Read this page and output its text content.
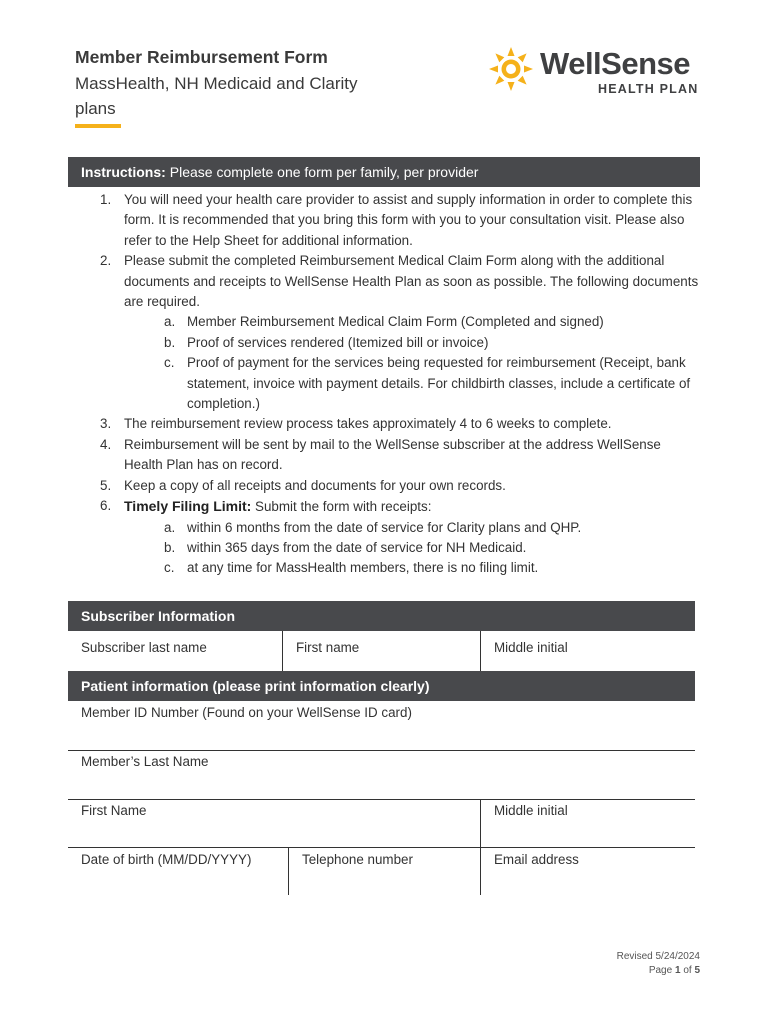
Member Reimbursement Form
MassHealth, NH Medicaid and Clarity plans
WellSense
HEALTH PLAN
Instructions: Please complete one form per family, per provider
1. You will need your health care provider to assist and supply information in order to complete this form. It is recommended that you bring this form with you to your consultation visit. Please also refer to the Help Sheet for additional information.
2. Please submit the completed Reimbursement Medical Claim Form along with the additional documents and receipts to WellSense Health Plan as soon as possible. The following documents are required.
a. Member Reimbursement Medical Claim Form (Completed and signed)
b. Proof of services rendered (Itemized bill or invoice)
c. Proof of payment for the services being requested for reimbursement (Receipt, bank statement, invoice with payment details. For childbirth classes, include a certificate of completion.)
3. The reimbursement review process takes approximately 4 to 6 weeks to complete.
4. Reimbursement will be sent by mail to the WellSense subscriber at the address WellSense Health Plan has on record.
5. Keep a copy of all receipts and documents for your own records.
6. Timely Filing Limit: Submit the form with receipts:
a. within 6 months from the date of service for Clarity plans and QHP.
b. within 365 days from the date of service for NH Medicaid.
c. at any time for MassHealth members, there is no filing limit.
Subscriber Information
Subscriber last name	First name	Middle initial
Patient information (please print information clearly)
Member ID Number (Found on your WellSense ID card)
Member’s Last Name
First Name	Middle initial
Date of birth (MM/DD/YYYY)	Telephone number	Email address
Revised 5/24/2024
Page 1 of 5
